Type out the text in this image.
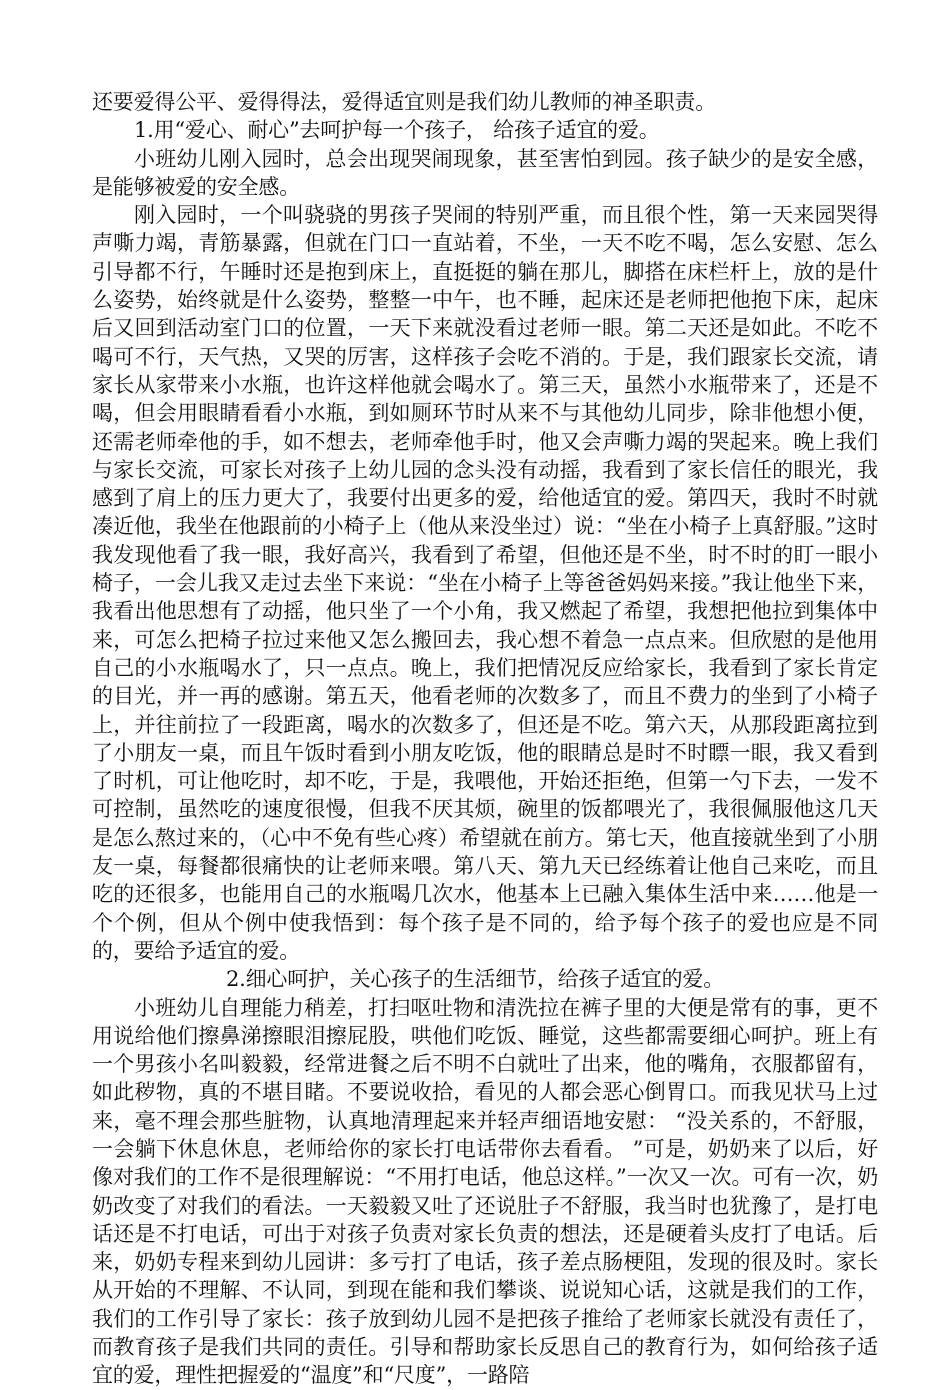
还要爱得公平、爱得得法，爱得适宜则是我们幼儿教师的神圣职责。

1.用“爱心、耐心”去呵护每一个孩子， 给孩子适宜的爱。

小班幼儿刚入园时，总会出现哭闹现象，甚至害怕到园。孩子缺少的是安全感，是能够被爱的安全感。

刚入园时，一个叫骁骁的男孩子哭闹的特别严重，而且很个性，第一天来园哭得声嘶力竭，青筋暴露，但就在门口一直站着，不坐，一天不吃不喝，怎么安慰、怎么引导都不行，午睡时还是抱到床上，直挺挺的躺在那儿，脚搭在床栏杆上，放的是什么姿势，始终就是什么姿势，整整一中午，也不睡，起床还是老师把他抱下床，起床后又回到活动室门口的位置，一天下来就没看过老师一眼。第二天还是如此。不吃不喝可不行，天气热，又哭的厉害，这样孩子会吃不消的。于是，我们跟家长交流，请家长从家带来小水瓶，也许这样他就会喝水了。第三天，虽然小水瓶带来了，还是不喝，但会用眼睛看看小水瓶，到如厕环节时从来不与其他幼儿同步，除非他想小便，还需老师牵他的手，如不想去，老师牵他手时，他又会声嘶力竭的哭起来。晚上我们与家长交流，可家长对孩子上幼儿园的念头没有动摇，我看到了家长信任的眼光，我感到了肩上的压力更大了，我要付出更多的爱，给他适宜的爱。第四天，我时不时就凑近他，我坐在他跟前的小椅子上（他从来没坐过）说：“坐在小椅子上真舒服。”这时我发现他看了我一眼，我好高兴，我看到了希望，但他还是不坐，时不时的盯一眼小椅子，一会儿我又走过去坐下来说：“坐在小椅子上等爸爸妈妈来接。”我让他坐下来，我看出他思想有了动摇，他只坐了一个小角，我又燃起了希望，我想把他拉到集体中来，可怎么把椅子拉过来他又怎么搬回去，我心想不着急一点点来。但欣慰的是他用自己的小水瓶喝水了，只一点点。晚上，我们把情况反应给家长，我看到了家长肯定的目光，并一再的感谢。第五天，他看老师的次数多了，而且不费力的坐到了小椅子上，并往前拉了一段距离，喝水的次数多了，但还是不吃。第六天，从那段距离拉到了小朋友一桌，而且午饭时看到小朋友吃饭，他的眼睛总是时不时瞟一眼，我又看到了时机，可让他吃时，却不吃，于是，我喂他，开始还拒绝，但第一勺下去，一发不可控制，虽然吃的速度很慢，但我不厌其烦，碗里的饭都喂光了，我很佩服他这几天是怎么熬过来的，（心中不免有些心疼）希望就在前方。第七天，他直接就坐到了小朋友一桌，每餐都很痛快的让老师来喂。第八天、第九天已经练着让他自己来吃，而且吃的还很多，也能用自己的水瓶喝几次水，他基本上已融入集体生活中来……他是一个个例，但从个例中使我悟到：每个孩子是不同的，给予每个孩子的爱也应是不同的，要给予适宜的爱。

2.细心呵护，关心孩子的生活细节，给孩子适宜的爱。

小班幼儿自理能力稍差，打扫呕吐物和清洗拉在裤子里的大便是常有的事，更不用说给他们擦鼻涕擦眼泪擦屁股，哄他们吃饭、睡觉，这些都需要细心呵护。班上有一个男孩小名叫毅毅，经常进餐之后不明不白就吐了出来，他的嘴角，衣服都留有，如此秽物，真的不堪目睹。不要说收拾，看见的人都会恶心倒胃口。而我见状马上过来，毫不理会那些脏物，认真地清理起来并轻声细语地安慰： “没关系的，不舒服，一会躺下休息休息，老师给你的家长打电话带你去看看。 ”可是，奶奶来了以后，好像对我们的工作不是很理解说：“不用打电话，他总这样。”一次又一次。可有一次，奶奶改变了对我们的看法。一天毅毅又吐了还说肚子不舒服，我当时也犹豫了，是打电话还是不打电话，可出于对孩子负责对家长负责的想法，还是硬着头皮打了电话。后来，奶奶专程来到幼儿园讲：多亏打了电话，孩子差点肠梗阻，发现的很及时。家长从开始的不理解、不认同，到现在能和我们攀谈、说说知心话，这就是我们的工作，我们的工作引导了家长：孩子放到幼儿园不是把孩子推给了老师家长就没有责任了，而教育孩子是我们共同的责任。引导和帮助家长反思自己的教育行为，如何给孩子适宜的爱，理性把握爱的“温度”和“尺度”，一路陪
